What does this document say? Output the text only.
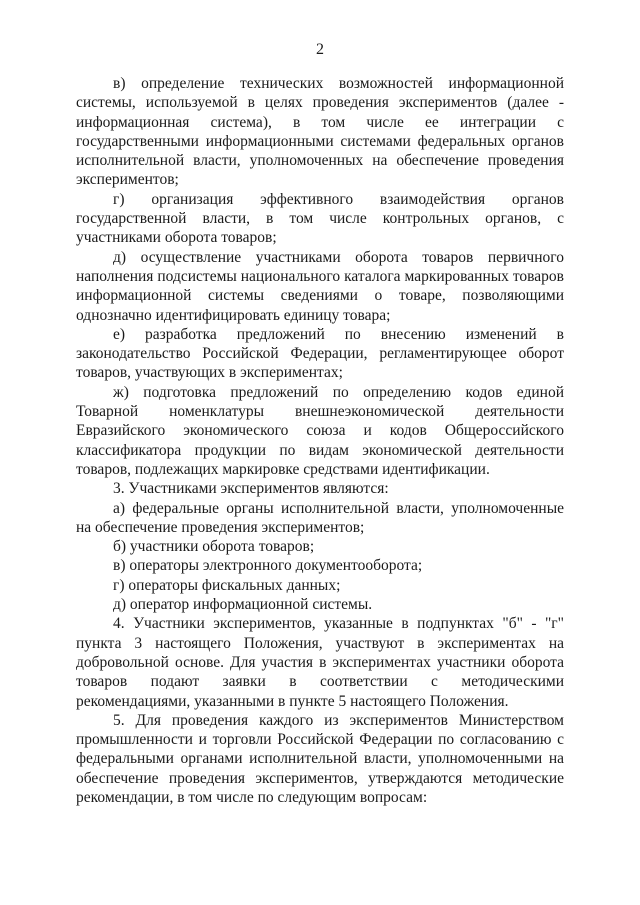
2

в) определение технических возможностей информационной системы, используемой в целях проведения экспериментов (далее - информационная система), в том числе ее интеграции с государственными информационными системами федеральных органов исполнительной власти, уполномоченных на обеспечение проведения экспериментов;

г) организация эффективного взаимодействия органов государственной власти, в том числе контрольных органов, с участниками оборота товаров;

д) осуществление участниками оборота товаров первичного наполнения подсистемы национального каталога маркированных товаров информационной системы сведениями о товаре, позволяющими однозначно идентифицировать единицу товара;

е) разработка предложений по внесению изменений в законодательство Российской Федерации, регламентирующее оборот товаров, участвующих в экспериментах;

ж) подготовка предложений по определению кодов единой Товарной номенклатуры внешнеэкономической деятельности Евразийского экономического союза и кодов Общероссийского классификатора продукции по видам экономической деятельности товаров, подлежащих маркировке средствами идентификации.

3. Участниками экспериментов являются:

а) федеральные органы исполнительной власти, уполномоченные на обеспечение проведения экспериментов;

б) участники оборота товаров;

в) операторы электронного документооборота;

г) операторы фискальных данных;

д) оператор информационной системы.

4. Участники экспериментов, указанные в подпунктах "б" - "г" пункта 3 настоящего Положения, участвуют в экспериментах на добровольной основе. Для участия в экспериментах участники оборота товаров подают заявки в соответствии с методическими рекомендациями, указанными в пункте 5 настоящего Положения.

5. Для проведения каждого из экспериментов Министерством промышленности и торговли Российской Федерации по согласованию с федеральными органами исполнительной власти, уполномоченными на обеспечение проведения экспериментов, утверждаются методические рекомендации, в том числе по следующим вопросам:
